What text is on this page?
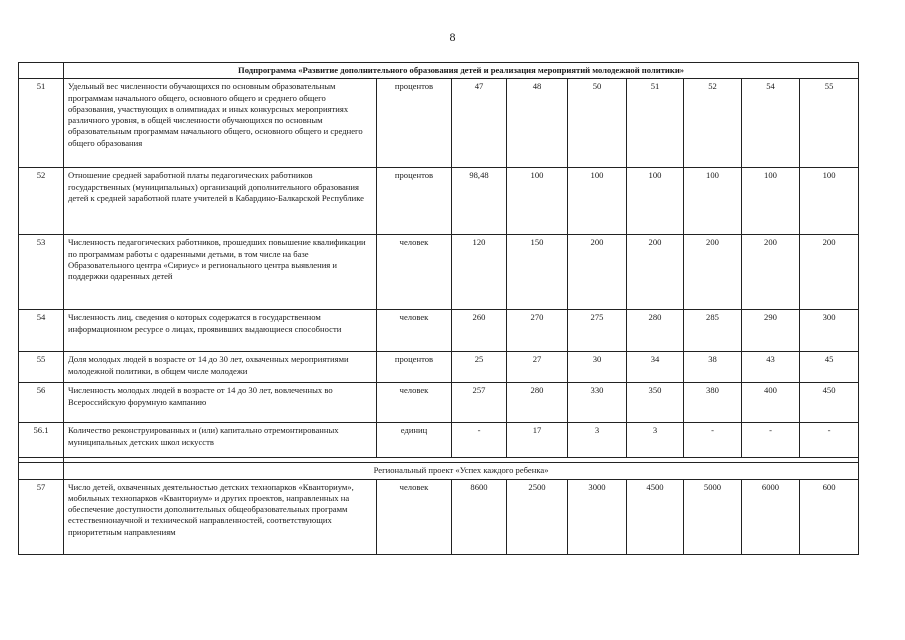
8
	Подпрограмма «Развитие дополнительного образования детей и реализация мероприятий молодежной политики»								
51	Удельный вес численности обучающихся по основным образовательным программам начального общего, основного общего и среднего общего образования, участвующих в олимпиадах и иных конкурсных мероприятиях различного уровня, в общей численности обучающихся по основным образовательным программам начального общего, основного общего и среднего общего образования	процентов	47	48	50	51	52	54	55
52	Отношение средней заработной платы педагогических работников государственных (муниципальных) организаций дополнительного образования детей к средней заработной плате учителей в Кабардино-Балкарской Республике	процентов	98,48	100	100	100	100	100	100
53	Численность педагогических работников, прошедших повышение квалификации по программам работы с одаренными детьми, в том числе на базе Образовательного центра «Сириус» и регионального центра выявления и поддержки одаренных детей	человек	120	150	200	200	200	200	200
54	Численность лиц, сведения о которых содержатся в государственном информационном ресурсе о лицах, проявивших выдающиеся способности	человек	260	270	275	280	285	290	300
55	Доля молодых людей в возрасте от 14 до 30 лет, охваченных мероприятиями молодежной политики, в общем числе молодежи	процентов	25	27	30	34	38	43	45
56	Численность молодых людей в возрасте от 14 до 30 лет, вовлеченных во Всероссийскую форумную кампанию	человек	257	280	330	350	380	400	450
56.1	Количество реконструированных и (или) капитально отремонтированных муниципальных детских школ искусств	единиц	-	17	3	3	-	-	-

	Региональный проект «Успех каждого ребенка»								
57	Число детей, охваченных деятельностью детских технопарков «Кванториум», мобильных технопарков «Кванториум» и других проектов, направленных на обеспечение доступности дополнительных общеобразовательных программ естественнонаучной и технической направленностей, соответствующих приоритетным направлениям	человек	8600	2500	3000	4500	5000	6000	600
